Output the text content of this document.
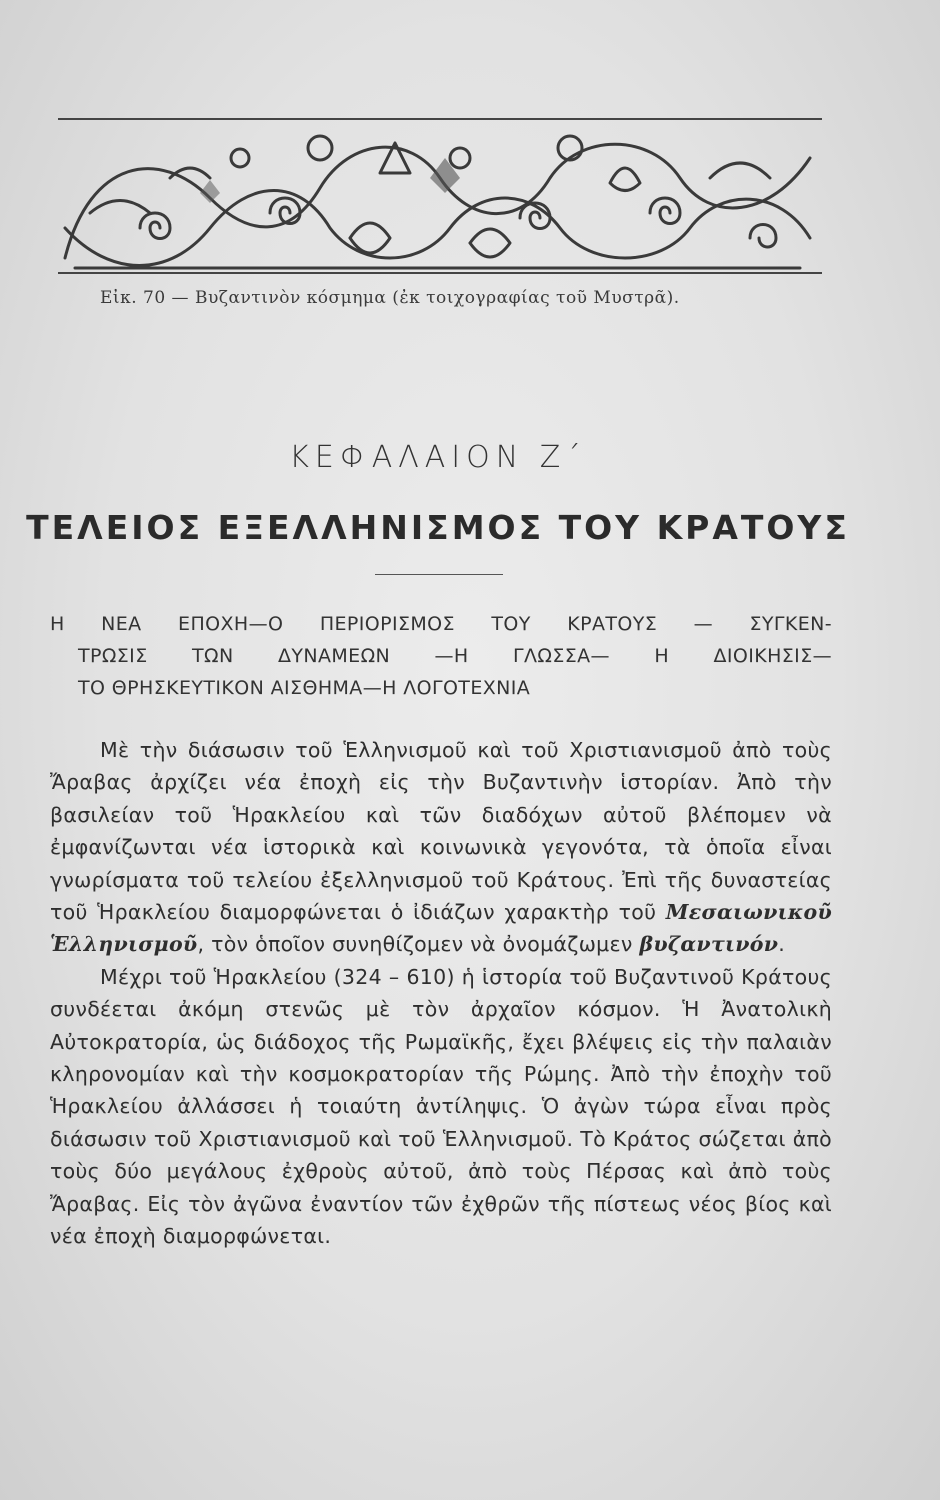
Εἰκ. 70 — Βυζαντινὸν κόσμημα (ἐκ τοιχογραφίας τοῦ Μυστρᾶ).
ΚΕΦΑΛΑΙΟΝ Ζ΄
ΤΕΛΕΙΟΣ ΕΞΕΛΛΗΝΙΣΜΟΣ ΤΟΥ ΚΡΑΤΟΥΣ
Η ΝΕΑ ΕΠΟΧΗ—Ο ΠΕΡΙΟΡΙΣΜΟΣ ΤΟΥ ΚΡΑΤΟΥΣ — ΣΥΓΚΕΝ-
ΤΡΩΣΙΣ ΤΩΝ ΔΥΝΑΜΕΩΝ —Η ΓΛΩΣΣΑ— Η ΔΙΟΙΚΗΣΙΣ—
ΤΟ ΘΡΗΣΚΕΥΤΙΚΟΝ ΑΙΣΘΗΜΑ—Η ΛΟΓΟΤΕΧΝΙΑ

Μὲ τὴν διάσωσιν τοῦ Ἑλληνισμοῦ καὶ τοῦ Χριστιανισμοῦ ἀπὸ τοὺς Ἄραβας ἀρχίζει νέα ἐποχὴ εἰς τὴν Βυζαντινὴν ἱστορίαν. Ἀπὸ τὴν βασιλείαν τοῦ Ἡρακλείου καὶ τῶν διαδόχων αὐτοῦ βλέπομεν νὰ ἐμφανίζωνται νέα ἱστορικὰ καὶ κοινωνικὰ γεγονότα, τὰ ὁποῖα εἶναι γνωρίσματα τοῦ τελείου ἐξελληνισμοῦ τοῦ Κράτους. Ἐπὶ τῆς δυναστείας τοῦ Ἡρακλείου διαμορφώνεται ὁ ἰδιάζων χαρακτὴρ τοῦ Μεσαιωνικοῦ Ἑλληνισμοῦ, τὸν ὁποῖον συνηθίζομεν νὰ ὀνομάζωμεν βυζαντινόν.

Μέχρι τοῦ Ἡρακλείου (324 – 610) ἡ ἱστορία τοῦ Βυζαντινοῦ Κράτους συνδέεται ἀκόμη στενῶς μὲ τὸν ἀρχαῖον κόσμον. Ἡ Ἀνατολικὴ Αὐτοκρατορία, ὡς διάδοχος τῆς Ρωμαϊκῆς, ἔχει βλέψεις εἰς τὴν παλαιὰν κληρονομίαν καὶ τὴν κοσμοκρατορίαν τῆς Ρώμης. Ἀπὸ τὴν ἐποχὴν τοῦ Ἡρακλείου ἀλλάσσει ἡ τοιαύτη ἀντίληψις. Ὁ ἀγὼν τώρα εἶναι πρὸς διάσωσιν τοῦ Χριστιανισμοῦ καὶ τοῦ Ἑλληνισμοῦ. Τὸ Κράτος σώζεται ἀπὸ τοὺς δύο μεγάλους ἐχθροὺς αὐτοῦ, ἀπὸ τοὺς Πέρσας καὶ ἀπὸ τοὺς Ἄραβας. Εἰς τὸν ἀγῶνα ἐναντίον τῶν ἐχθρῶν τῆς πίστεως νέος βίος καὶ νέα ἐποχὴ διαμορφώνεται.
